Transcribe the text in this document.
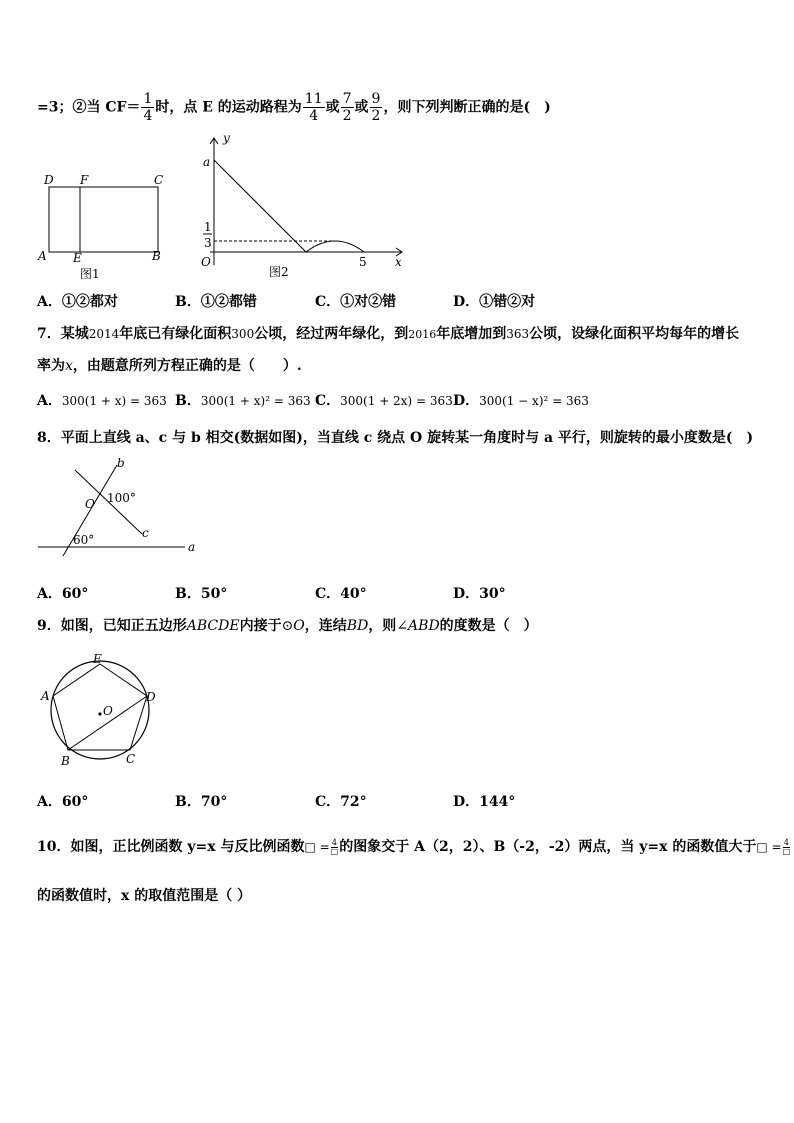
=3；②当 $CF= \frac{1}{4}$ 时，点 E 的运动路程为 $\frac{11}{4}$ 或 $\frac{7}{2}$ 或 $\frac{9}{2}$ ，则下列判断正确的是(　)
D F	C
A E	B
图1
y
a
1
3
O	5 x
图2
A．①②都对	B．①②都错	C．①对②错	D．①错②对
7．某城2014年底已有绿化面积300公顷，经过两年绿化，到2016年底增加到363公顷，设绿化面积平均每年的增长
率为x，由题意所列方程正确的是（　　）.
A．300(1 + x) = 363 B．300(1 + x)² = 363 C．300(1 + 2x) = 363 D．300(1 − x)² = 363
8．平面上直线 a、c 与 b 相交(数据如图)，当直线 c 绕点 O 旋转某一角度时与 a 平行，则旋转的最小度数是(　)
b
O 100°
c
60°	a
A．60°	B．50°	C．40°	D．30°
9．如图，已知正五边形ABCDE内接于⊙O，连结BD，则∠ABD的度数是（　）
E
A	D
O
B	C
A．60°	B．70°	C．72°	D．144°
10．如图，正比例函数 y=x 与反比例函数□ = $\frac{4}{□}$ 的图象交于 A（2，2）、B（-2，-2）两点，当 y=x 的函数值大于□ = $\frac{4}{□}$
的函数值时，x 的取值范围是（ ）
